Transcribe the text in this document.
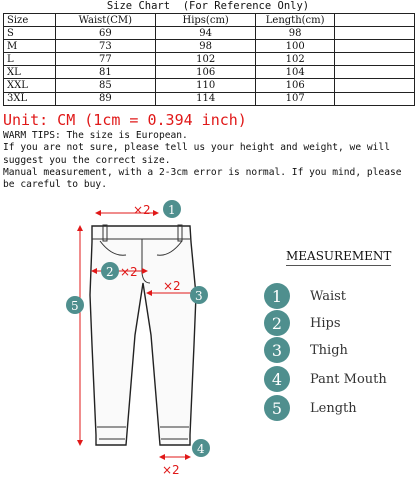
Size Chart  (For Reference Only)
Size	Waist(CM)	Hips(cm)	Length(cm)	
S	69	94	98	
M	73	98	100	
L	77	102	102	
XL	81	106	104	
XXL	85	110	106	
3XL	89	114	107	
Unit: CM (1cm = 0.394 inch)
WARM TIPS: The size is European.
If you are not sure, please tell us your height and weight, we will
suggest you the correct size.
Manual measurement, with a 2-3cm error is normal. If you mind, please
be careful to buy.
×2 1
2 ×2
×2
3
4
×2
5
MEASUREMENT
1	Waist
2	Hips
3	Thigh
4	Pant Mouth
5	Length
